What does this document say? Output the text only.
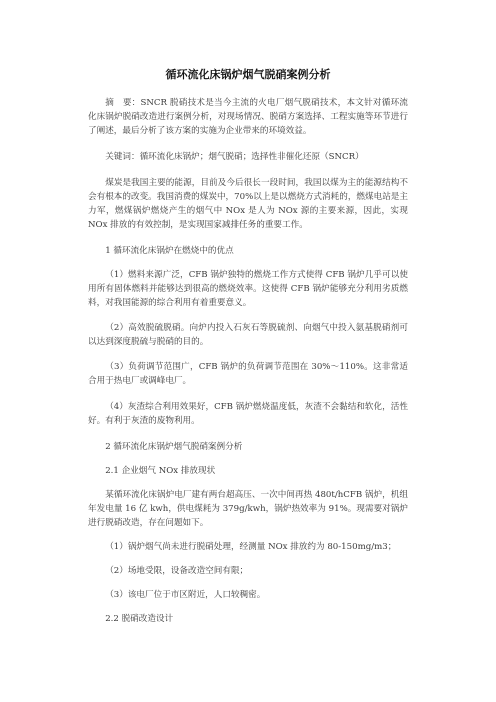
循环流化床锅炉烟气脱硝案例分析

摘　要：SNCR 脱硝技术是当今主流的火电厂烟气脱硝技术，本文针对循环流化床锅炉脱硝改造进行案例分析，对现场情况、脱硝方案选择、工程实施等环节进行了阐述，最后分析了该方案的实施为企业带来的环境效益。

关键词：循环流化床锅炉；烟气脱硝；选择性非催化还原（SNCR）

煤炭是我国主要的能源，目前及今后很长一段时间，我国以煤为主的能源结构不会有根本的改变。我国消费的煤炭中，70%以上是以燃烧方式消耗的，燃煤电站是主力军，燃煤锅炉燃烧产生的烟气中 NOx 是人为 NOx 源的主要来源，因此，实现 NOx 排放的有效控制，是实现国家减排任务的重要工作。

1 循环流化床锅炉在燃烧中的优点

（1）燃料来源广泛，CFB 锅炉独特的燃烧工作方式使得 CFB 锅炉几乎可以使用所有固体燃料并能够达到很高的燃烧效率。这使得 CFB 锅炉能够充分利用劣质燃料，对我国能源的综合利用有着重要意义。

（2）高效脱硫脱硝。向炉内投入石灰石等脱硫剂、向烟气中投入氨基脱硝剂可以达到深度脱硫与脱硝的目的。

（3）负荷调节范围广，CFB 锅炉的负荷调节范围在 30%～110%。这非常适合用于热电厂或调峰电厂。

（4）灰渣综合利用效果好，CFB 锅炉燃烧温度低，灰渣不会黏结和软化，活性好。有利于灰渣的废物利用。

2 循环流化床锅炉烟气脱硝案例分析

2.1 企业烟气 NOx 排放现状

某循环流化床锅炉电厂建有两台超高压、一次中间再热 480t/hCFB 锅炉，机组年发电量 16 亿 kwh，供电煤耗为 379g/kwh，锅炉热效率为 91%。现需要对锅炉进行脱硝改造，存在问题如下。

（1）锅炉烟气尚未进行脱硝处理，经测量 NOx 排放约为 80-150mg/m3；

（2）场地受限，设备改造空间有限；

（3）该电厂位于市区附近，人口较稠密。

2.2 脱硝改造设计
